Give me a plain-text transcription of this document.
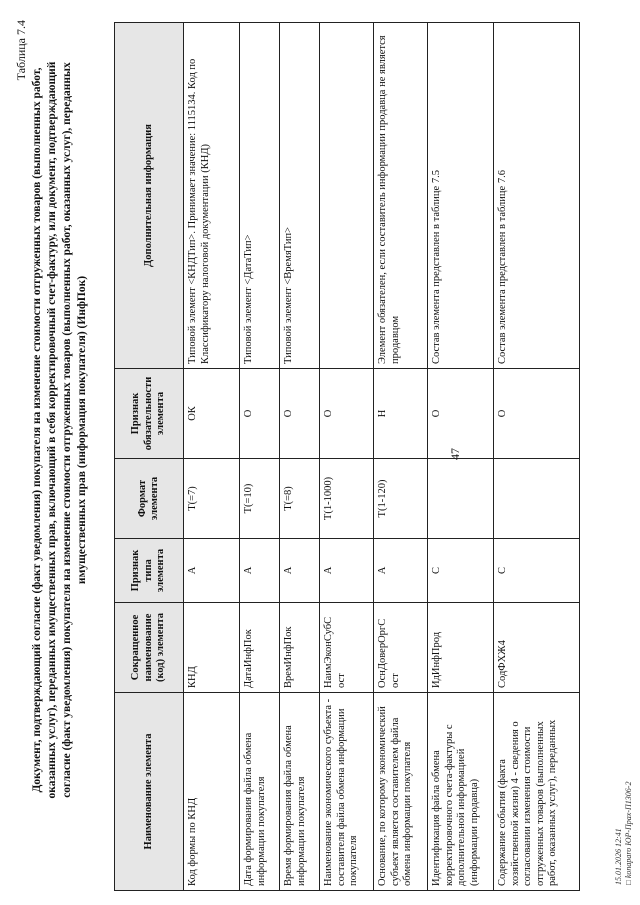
47
Таблица 7.4
Документ, подтверждающий согласие (факт уведомления) покупателя на изменение стоимости отгруженных товаров (выполненных работ, оказанных услуг), переданных имущественных прав, включающий в себя корректировочный счет-фактуру, или документ, подтверждающий согласие (факт уведомления) покупателя на изменение стоимости отгруженных товаров (выполненных работ, оказанных услуг), переданных имущественных прав (информация покупателя) (ИнфПок)
Наименование элемента	Сокращенное наименование (код) элемента	Признак типа элемента	Формат элемента	Признак обязательности элемента	Дополнительная информация
Код формы по КНД	КНД	А	T(=7)	ОК	Типовой элемент <КНДТип>. Принимает значение: 1115134. Код по Классификатору налоговой документации (КНД)
Дата формирования файла обмена информации покупателя	ДатаИнфПок	А	T(=10)	О	Типовой элемент <ДатаТип>
Время формирования файла обмена информации покупателя	ВремИнфПок	А	T(=8)	О	Типовой элемент <ВремяТип>
Наименование экономического субъекта - составителя файла обмена информации покупателя	НаимЭконСубС ост	А	T(1-1000)	О	
Основание, по которому экономический субъект является составителем файла обмена информации покупателя	ОснДоверОргС ост	А	T(1-120)	Н	Элемент обязателен, если составитель информации продавца не является продавцом
Идентификация файла обмена корректировочного счета-фактуры с дополнительной информацией (информации продавца)	ИдИнфПрод	С		О	Состав элемента представлен в таблице 7.5
Содержание события (факта хозяйственной жизни) 4 - сведения о согласовании изменения стоимости отгруженных товаров (выполненных работ, оказанных услуг), переданных	СодФХЖ4	С		О	Состав элемента представлен в таблице 7.6
15.01.2026 12:41 □ konaparo ЮР-Праx-П1306-2
